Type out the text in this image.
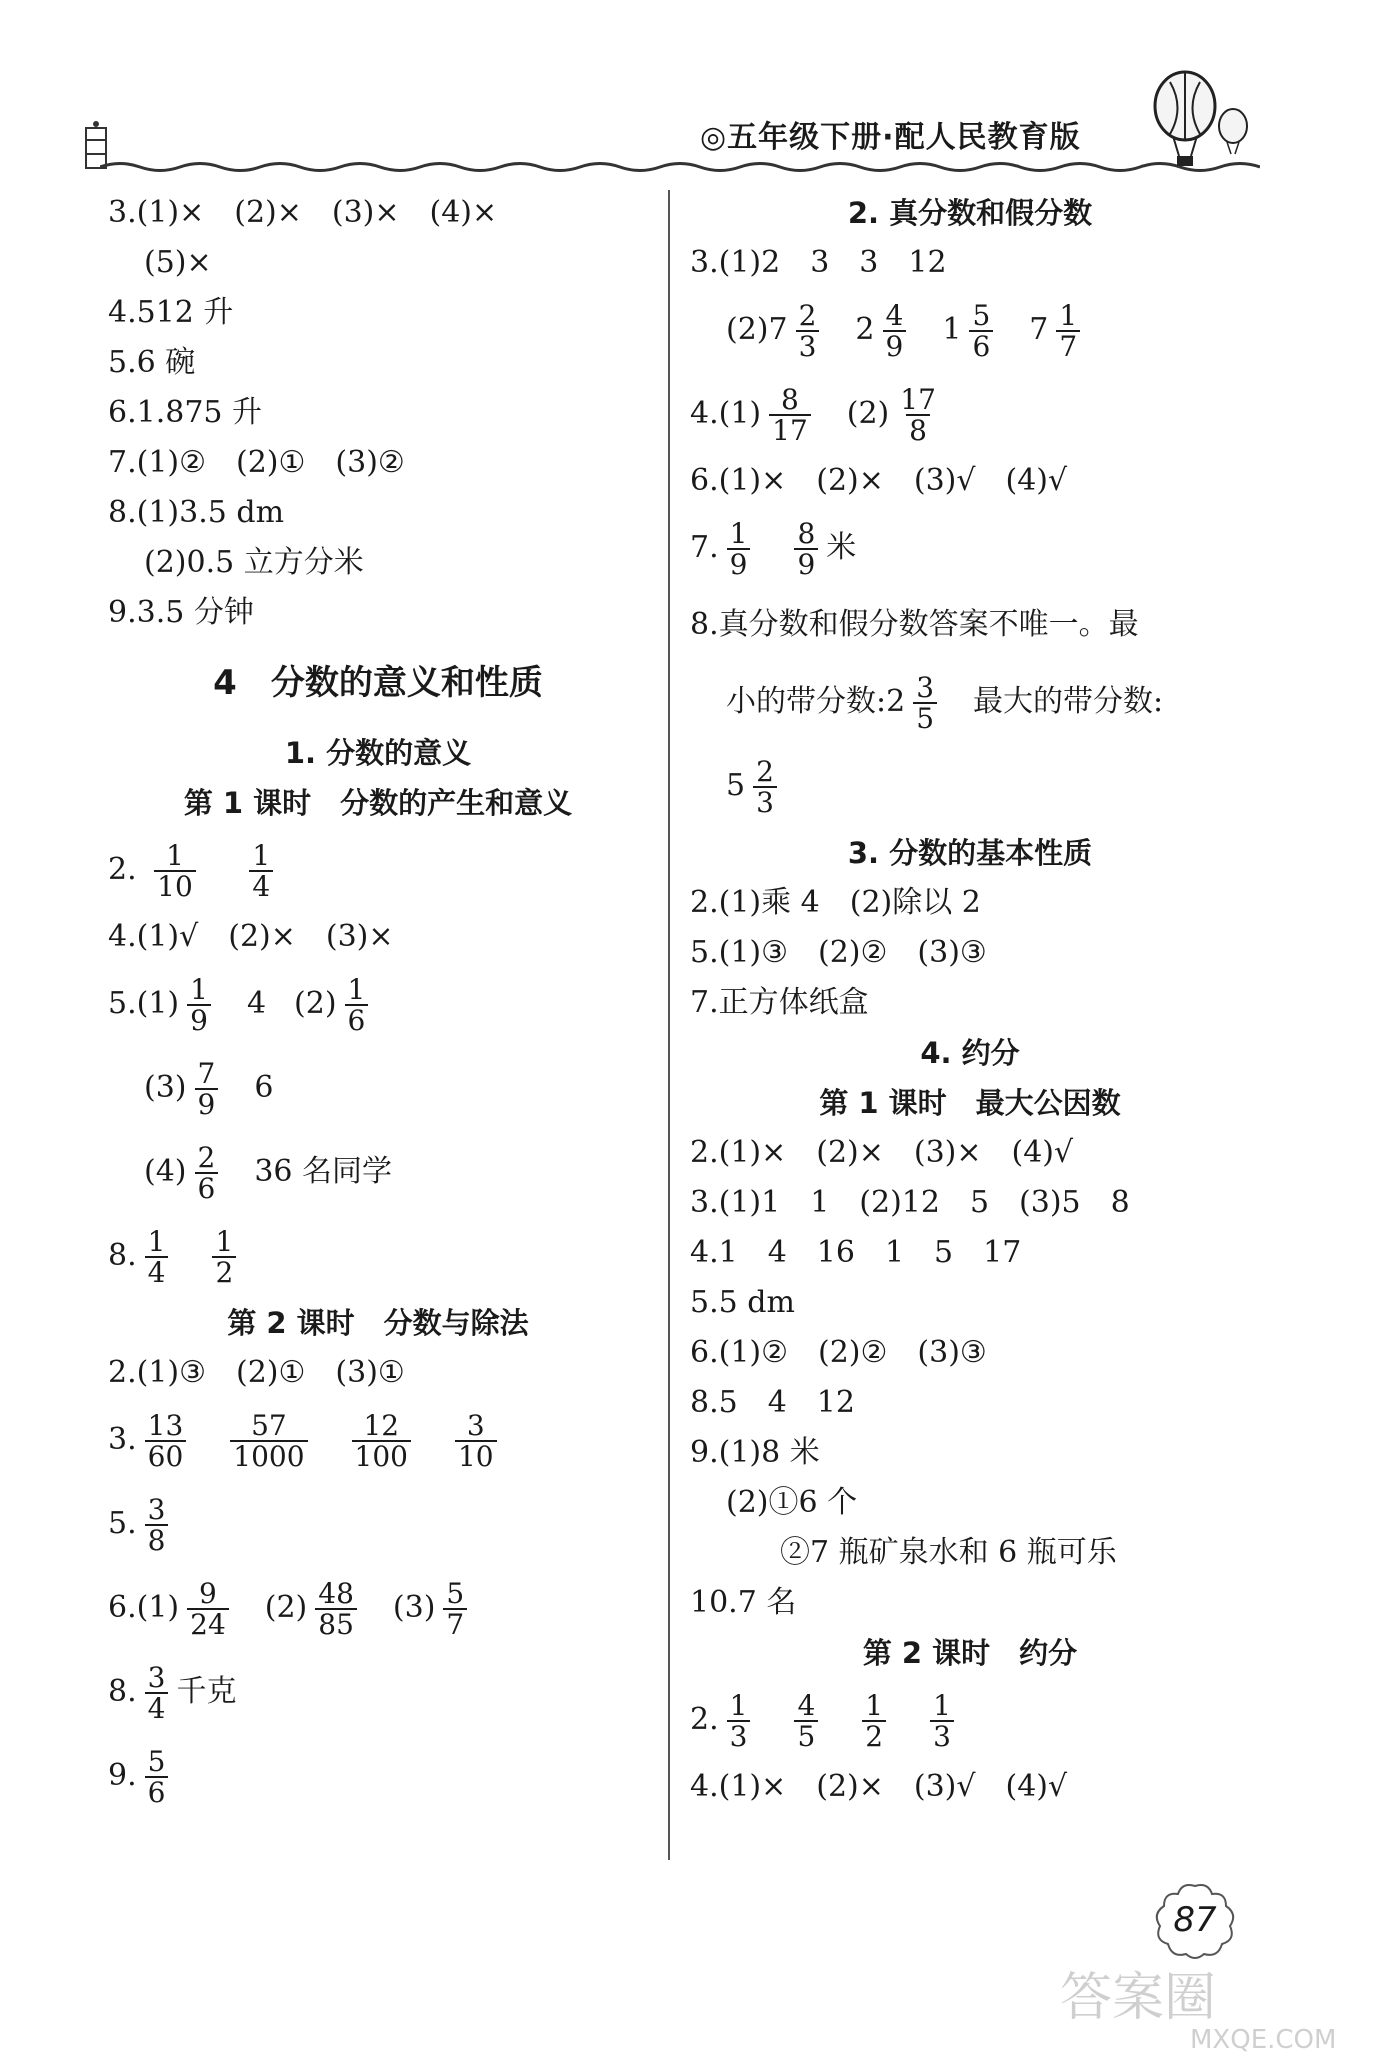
◎五年级下册·配人民教育版
3.(1)×　(2)×　(3)×　(4)×
(5)×
4.512 升
5.6 碗
6.1.875 升
7.(1)②　(2)①　(3)②
8.(1)3.5 dm
(2)0.5 立方分米
9.3.5 分钟
4　分数的意义和性质
1. 分数的意义
第 1 课时　分数的产生和意义
2. $\frac{1}{10}$
$\frac{1}{4}$
4.(1)√　(2)×　(3)×
$5.(1) \frac{1}{9} 4$ $(2) \frac{1}{6}$
$(3) \frac{7}{9} 6$
$(4) \frac{2}{6} 36$ 名同学
8. $\frac{1}{4} \frac{1}{2}$
第 2 课时　分数与除法
2.(1)③　(2)①　(3)①
3. $\frac{13}{60} \frac{57}{1000} \frac{12}{100} \frac{3}{10}$
5. $\frac{3}{8}$
$6.(1) \frac{9}{24} (2) \frac{48}{85} (3) \frac{5}{7}$
8. $\frac{3}{4}$ 千克
9. $\frac{5}{6}$
2. 真分数和假分数
3.(1)2　3　3　12
$(2)7 \frac{2}{3} 2 \frac{4}{9} 1 \frac{5}{6} 7 \frac{1}{7}$
$4.(1) \frac{8}{17} (2) \frac{17}{8}$
6.(1)×　(2)×　(3)√　(4)√
7. $\frac{1}{9} \frac{8}{9}$ 米
8.真分数和假分数答案不唯一。最
小的带分数:2 $\frac{3}{5}$ 最大的带分数:
$5 \frac{2}{3}$
3. 分数的基本性质
2.(1)乘 4　(2)除以 2
5.(1)③　(2)②　(3)③
7.正方体纸盒
4. 约分
第 1 课时　最大公因数
2.(1)×　(2)×　(3)×　(4)√
3.(1)1　1　(2)12　5　(3)5　8
4.1　4　16　1　5　17
5.5 dm
6.(1)②　(2)②　(3)③
8.5　4　12
9.(1)8 米
(2)①6 个
②7 瓶矿泉水和 6 瓶可乐
10.7 名
第 2 课时　约分
2. $\frac{1}{3} \frac{4}{5} \frac{1}{2} \frac{1}{3}$
4.(1)×　(2)×　(3)√　(4)√
87
答案圈
MXQE.COM
